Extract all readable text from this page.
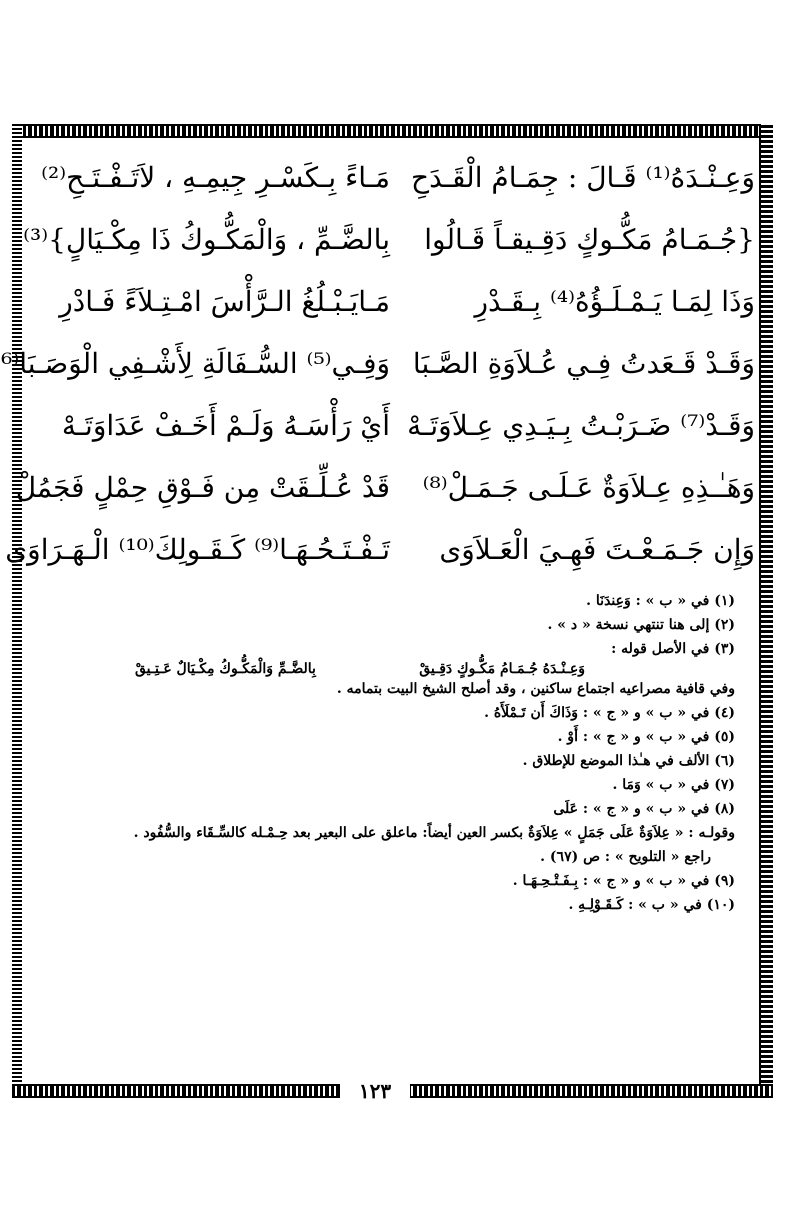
١٢٣
وَعِـنْـدَهُ⁽¹⁾ قَـالَ : جِمَـامُ الْقَـدَحِ
مَـاءً بِـكَسْـرِ جِيمِـهِ ، لاَتَـفْـتَـحِ⁽²⁾
{جُـمَـامُ مَكُّـوكٍ دَقِـيقـاً قَـالُوا
بِالضَّـمِّ ، وَالْمَكُّـوكُ ذَا مِكْـيَالٍ}⁽³⁾
وَذَا لِمَـا يَـمْـلَـؤُهُ⁽⁴⁾ بِـقَـدْرِ
مَـايَـبْـلُغُ الـرَّأْسَ امْـتِـلاَءً فَـادْرِ
وَقَـدْ قَـعَدتُ فِـي عُـلاَوَةِ الصَّـبَا
وَفِـي⁽⁵⁾ السُّـفَالَةِ لِأَشْـفِي الْوَصَـبَا⁽⁶
وَقَـدْ⁽⁷⁾ ضَـرَبْـتُ بِـيَـدِي عِـلاَوَتَـهْ
أَيْ رَأْسَـهُ وَلَـمْ أَخَـفْ عَدَاوَتَـهْ
وَهَـٰـذِهِ عِـلاَوَةٌ عَـلَـى جَـمَـلْ⁽⁸⁾
قَدْ عُـلِّـقَتْ مِن فَـوْقِ حِمْلٍ فَجَمُلْ
وَإِن جَـمَـعْـتَ فَهِـيَ الْعَـلاَوَى
تَـفْـتَـحُـهَـا⁽⁹⁾ كَـقَـولِكَ⁽¹⁰⁾ الْـهَـرَاوَى

(١) في « ب » : وَعِندَنَا .

(٢) إلى هنا تنتهي نسخة « د » .

(٣) في الأصل قوله :

وَعِـنْـدَهُ جُـمَـامُ مَكُّـوكٍ دَقِـيقْ
بِالضَّـمِّ وَالْمَكُّـوكُ مِكْـيَالٌ عَـتِـيقْ

وفي قافية مصراعيه اجتماع ساكنين ، وقد أصلح الشيخ البيت بتمامه .

(٤) في « ب » و « ج » : وَذَاكَ أَن تَـمْلَأَهُ .

(٥) في « ب » و « ج » : أَوْ .

(٦) الألف في هـٰذا الموضع للإطلاق .

(٧) في « ب » وَمَا .

(٨) في « ب » و « ج » : عَلَى

وقولـه : « عِلاَوَةٌ عَلَى جَمَلٍ » عِلاَوَةٌ بكسر العين أيضاً: ماعلق على البعير بعد حِـمْـله كالسِّـقَاء والسُّفُود .

راجع « التلويح » : ص (٦٧) .

(٩) في « ب » و « ج » : بِـفَـتْـحِـهَـا .

(١٠) في « ب » : كَـقَـوْلِـهِ .
